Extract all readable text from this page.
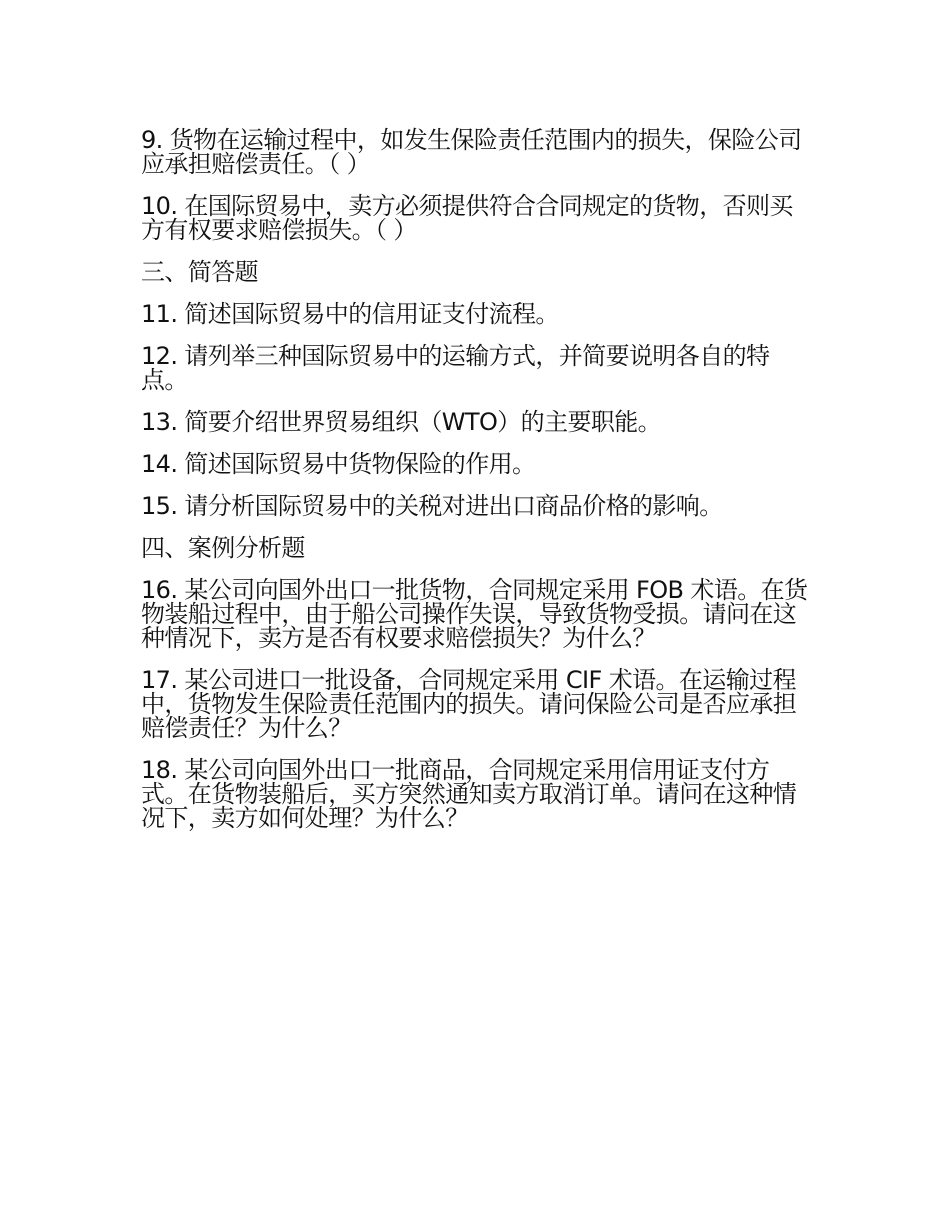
9. 货物在运输过程中，如发生保险责任范围内的损失，保险公司应承担赔偿责任。（ ）

10. 在国际贸易中，卖方必须提供符合合同规定的货物，否则买方有权要求赔偿损失。（ ）

三、简答题

11. 简述国际贸易中的信用证支付流程。

12. 请列举三种国际贸易中的运输方式，并简要说明各自的特点。

13. 简要介绍世界贸易组织（WTO）的主要职能。

14. 简述国际贸易中货物保险的作用。

15. 请分析国际贸易中的关税对进出口商品价格的影响。

四、案例分析题

16. 某公司向国外出口一批货物，合同规定采用 FOB 术语。在货物装船过程中，由于船公司操作失误，导致货物受损。请问在这种情况下，卖方是否有权要求赔偿损失？为什么？

17. 某公司进口一批设备，合同规定采用 CIF 术语。在运输过程中，货物发生保险责任范围内的损失。请问保险公司是否应承担赔偿责任？为什么？

18. 某公司向国外出口一批商品，合同规定采用信用证支付方式。在货物装船后，买方突然通知卖方取消订单。请问在这种情况下，卖方如何处理？为什么？
